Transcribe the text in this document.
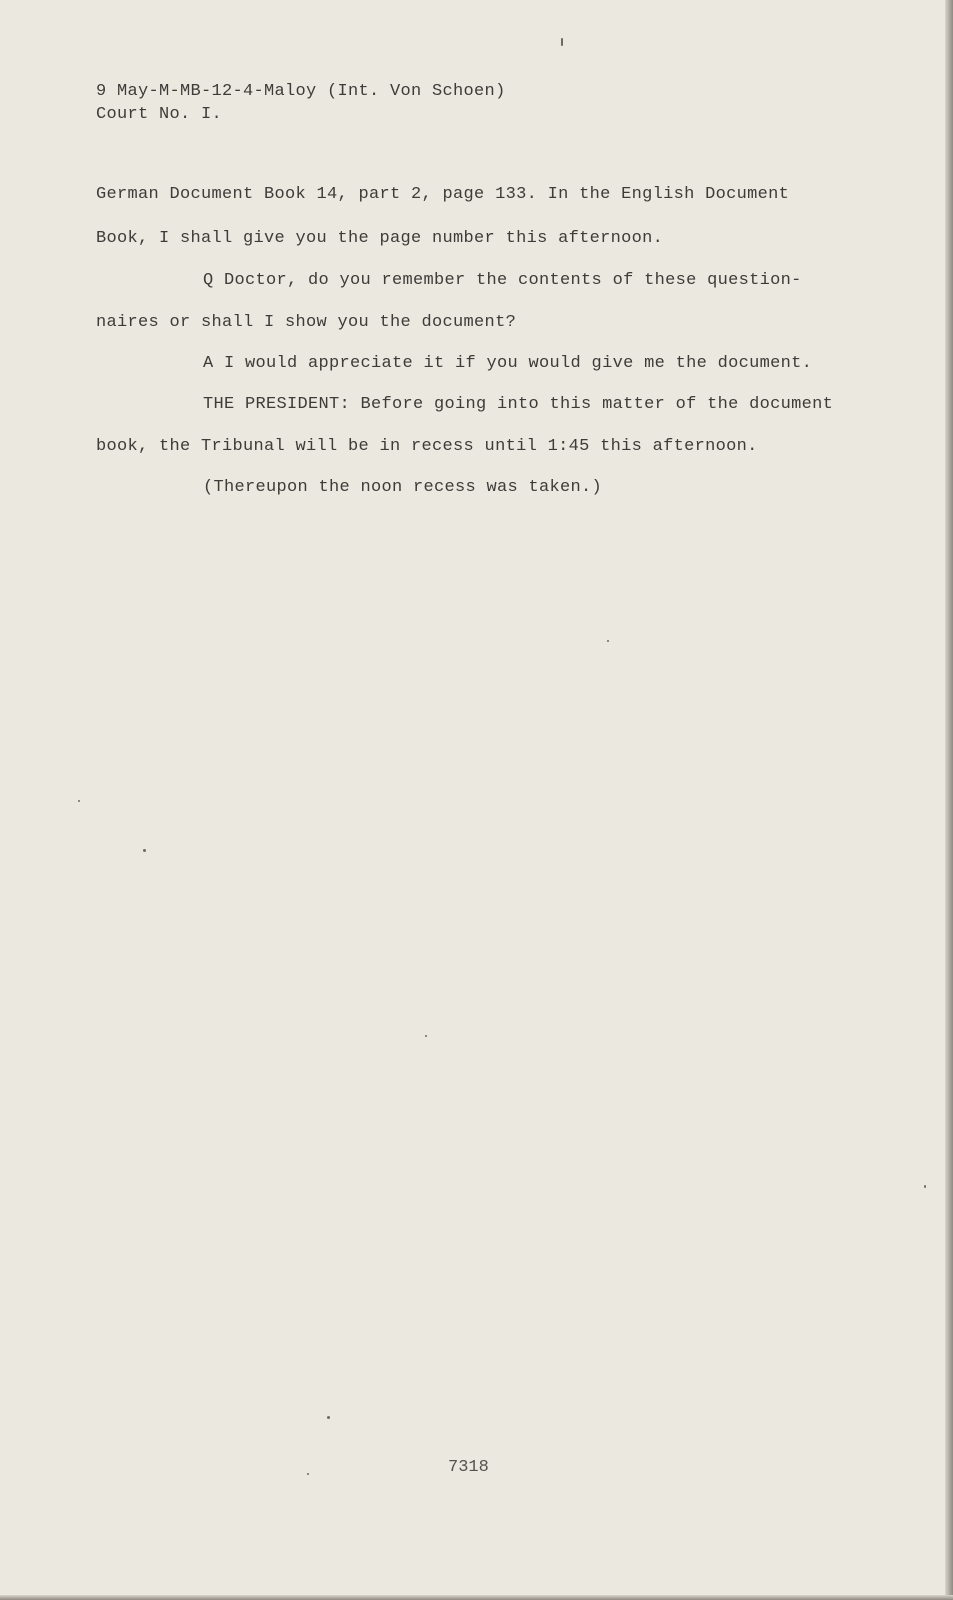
9 May-M-MB-12-4-Maloy (Int. Von Schoen)
Court No. I.
German Document Book 14, part 2, page 133. In the English Document
Book, I shall give you the page number this afternoon.
Q Doctor, do you remember the contents of these question-
naires or shall I show you the document?
A I would appreciate it if you would give me the document.
THE PRESIDENT: Before going into this matter of the document
book, the Tribunal will be in recess until 1:45 this afternoon.
(Thereupon the noon recess was taken.)
7318
